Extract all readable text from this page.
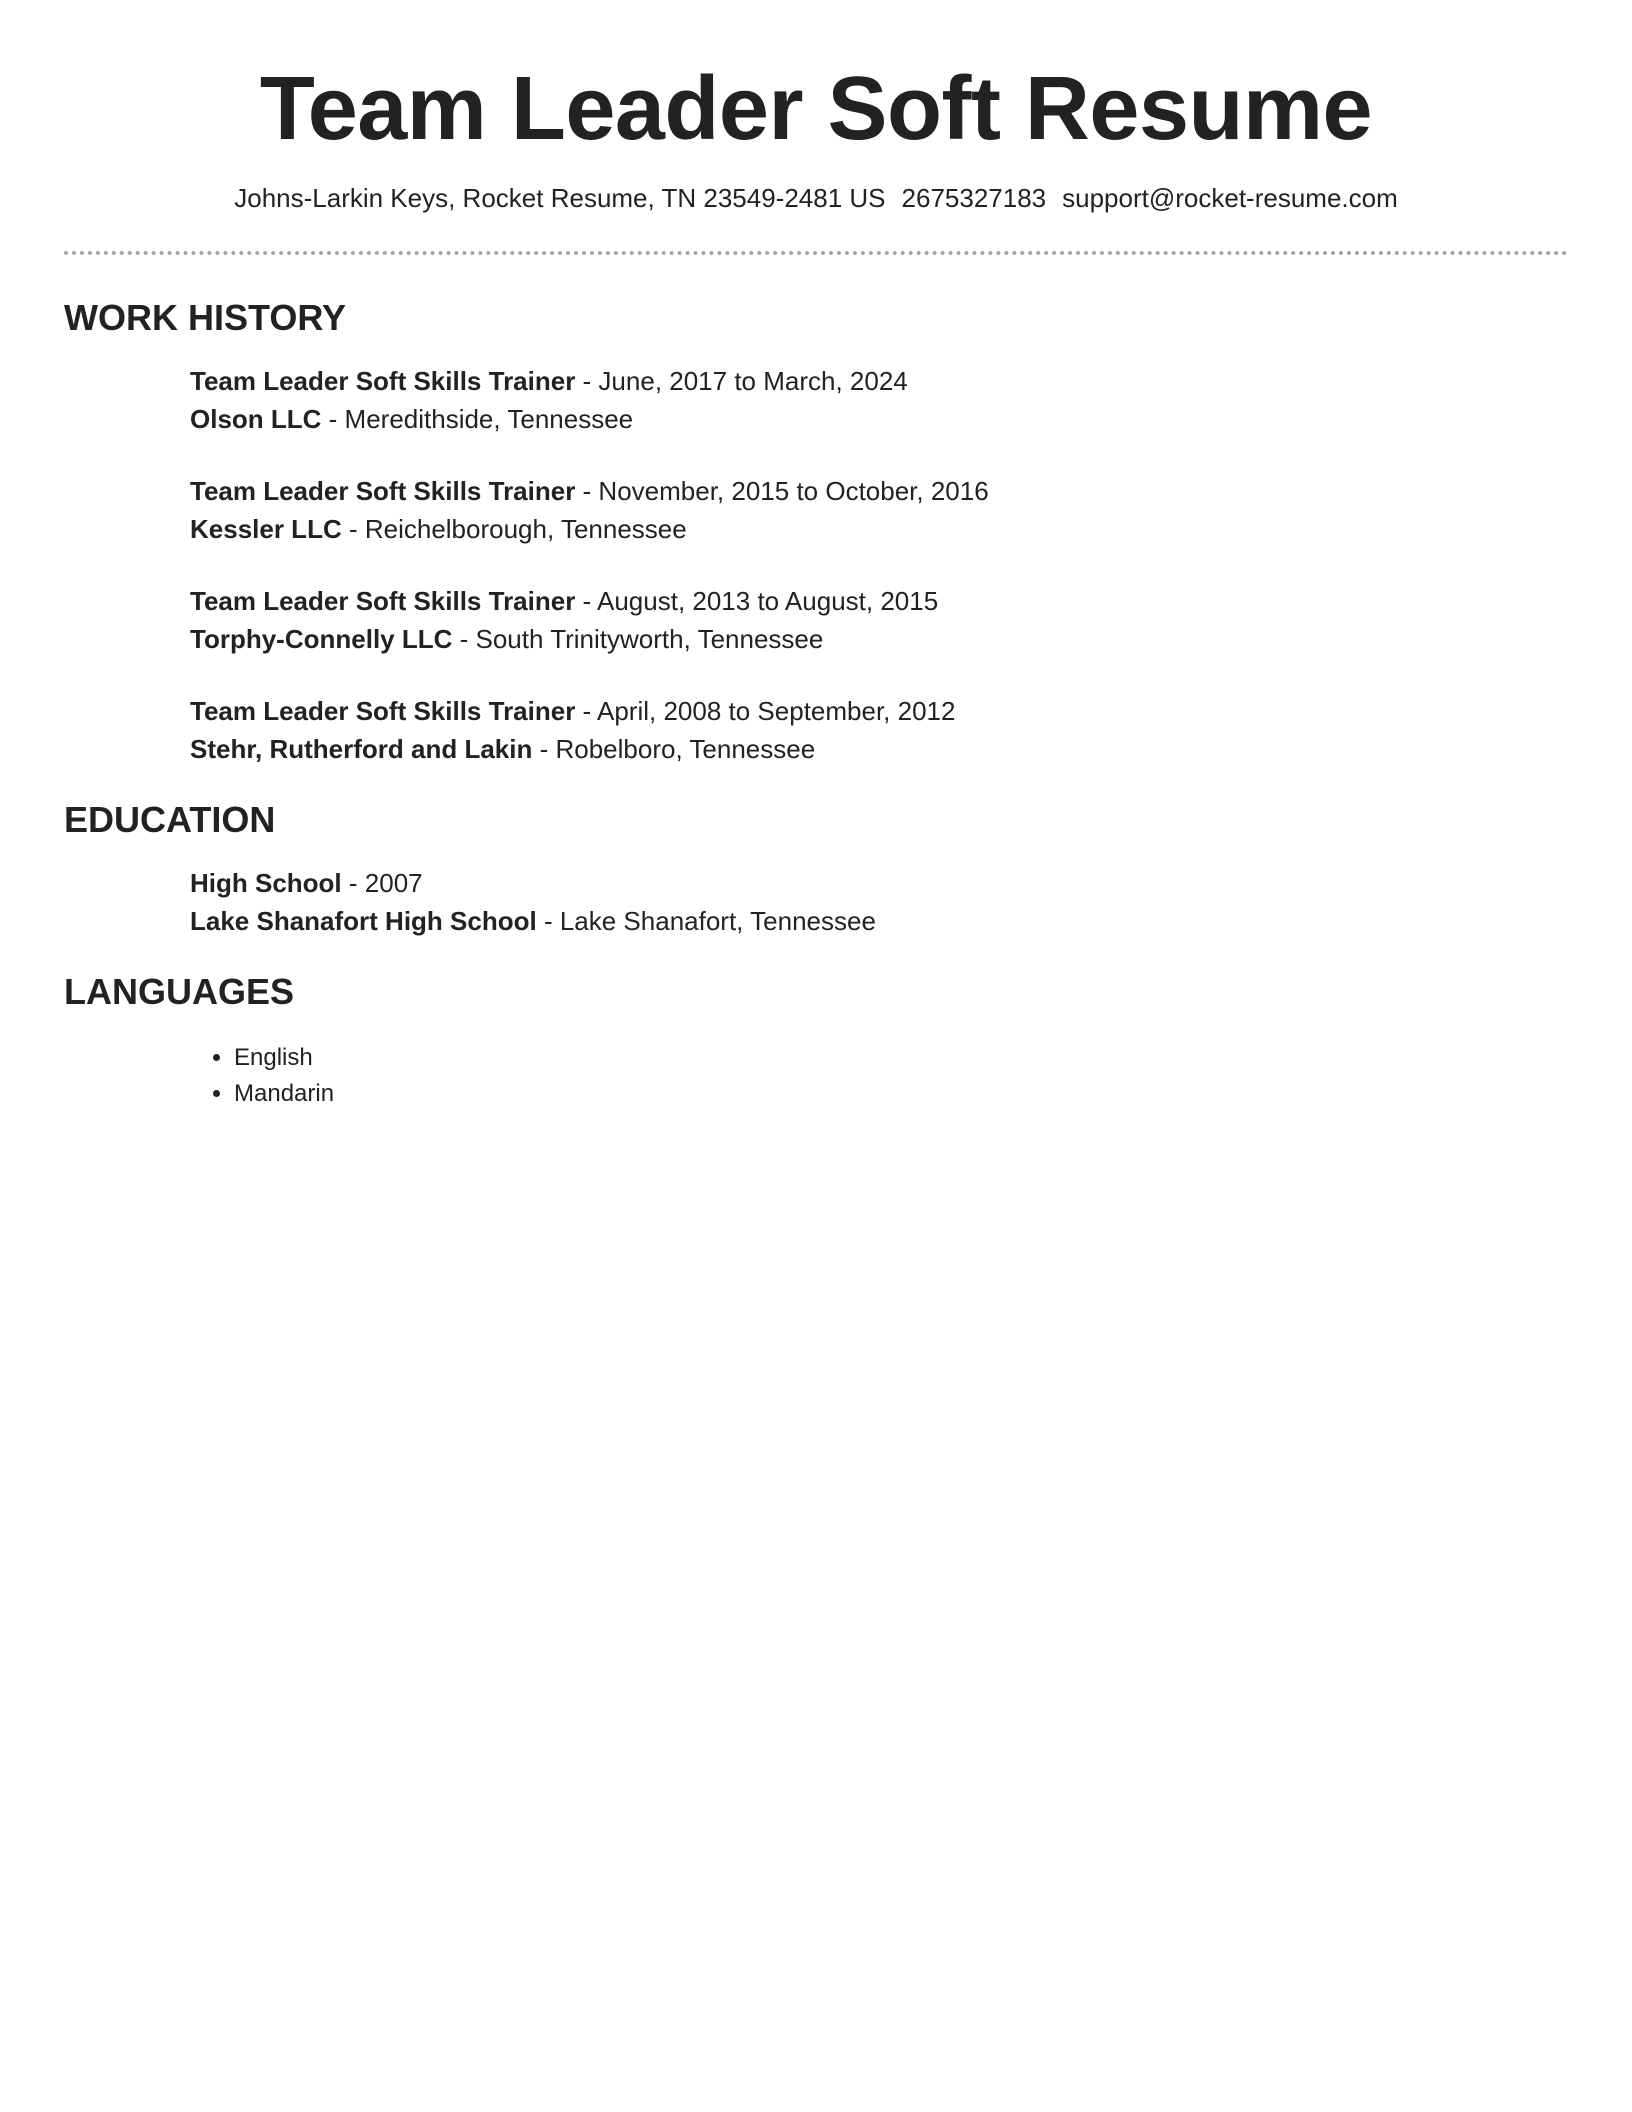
Team Leader Soft Resume
Johns-Larkin Keys, Rocket Resume, TN 23549-2481 US 2675327183 support@rocket-resume.com
WORK HISTORY
Team Leader Soft Skills Trainer - June, 2017 to March, 2024
Olson LLC - Meredithside, Tennessee
Team Leader Soft Skills Trainer - November, 2015 to October, 2016
Kessler LLC - Reichelborough, Tennessee
Team Leader Soft Skills Trainer - August, 2013 to August, 2015
Torphy-Connelly LLC - South Trinityworth, Tennessee
Team Leader Soft Skills Trainer - April, 2008 to September, 2012
Stehr, Rutherford and Lakin - Robelboro, Tennessee
EDUCATION
High School - 2007
Lake Shanafort High School - Lake Shanafort, Tennessee
LANGUAGES
• English
• Mandarin
